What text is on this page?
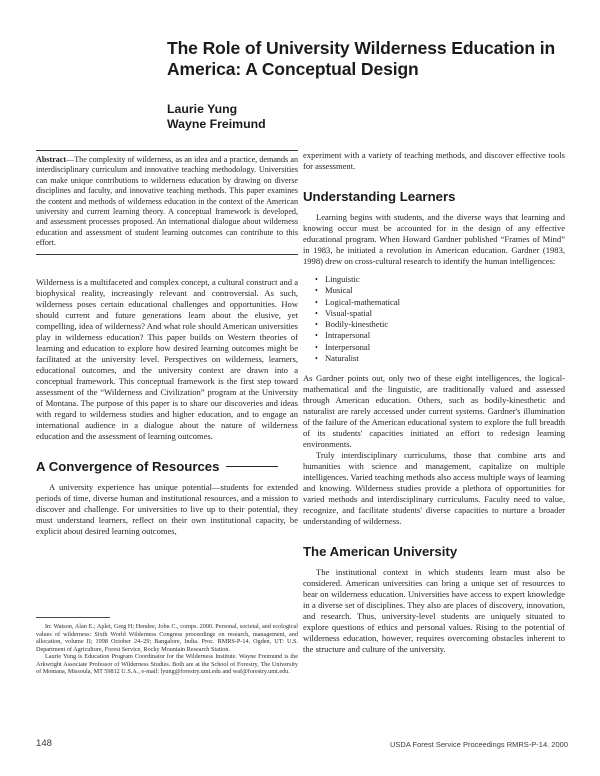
The Role of University Wilderness Education in America: A Conceptual Design
Laurie Yung
Wayne Freimund

Abstract—The complexity of wilderness, as an idea and a practice, demands an interdisciplinary curriculum and innovative teaching methodology. Universities can make unique contributions to wilderness education by drawing on diverse disciplines and faculty, and innovative teaching methods. This paper examines the content and methods of wilderness education in the context of the American university and current learning theory. A conceptual framework is developed, and assessment processes proposed. An international dialogue about wilderness education and assessment of student learning outcomes can contribute to this effort.

Wilderness is a multifaceted and complex concept, a cultural construct and a biophysical reality, increasingly relevant and controversial. As such, wilderness poses certain educational challenges and opportunities. How should current and future generations learn about the elusive, yet compelling, idea of wilderness? And what role should American universities play in wilderness education? This paper builds on Western theories of learning and education to explore how desired learning outcomes might be facilitated at the university level. Perspectives on wilderness, learners, educational outcomes, and the university context are drawn into a conceptual framework. This conceptual framework is the first step toward assessment of the “Wilderness and Civilization” program at the University of Montana. The purpose of this paper is to share our discoveries and ideas with regard to wilderness studies and higher education, and to engage an international audience in a dialogue about the nature of wilderness education and the assessment of learning outcomes.

A Convergence of Resources

A university experience has unique potential—students for extended periods of time, diverse human and institutional resources, and a mission to discover and challenge. For universities to live up to their potential, they must understand learners, reflect on their own institutional capacity, be explicit about desired learning outcomes,

experiment with a variety of teaching methods, and discover effective tools for assessment.

Understanding Learners

Learning begins with students, and the diverse ways that learning and knowing occur must be accounted for in the design of any effective educational program. When Howard Gardner published “Frames of Mind” in 1983, he initiated a revolution in American education. Gardner (1983, 1998) drew on cross-cultural research to identify the human intelligences:

• Linguistic
• Musical
• Logical-mathematical
• Visual-spatial
• Bodily-kinesthetic
• Intrapersonal
• Interpersonal
• Naturalist

As Gardner points out, only two of these eight intelligences, the logical-mathematical and the linguistic, are traditionally valued and assessed through American education. Others, such as bodily-kinesthetic and naturalist are rarely accessed under current systems. Gardner's illumination of the failure of the American educational system to explore the full breadth of its students' capacities initiated an effort to redesign learning environments.

Truly interdisciplinary curriculums, those that combine arts and humanities with science and management, capitalize on multiple intelligences. Varied teaching methods also access multiple ways of learning and knowing. Wilderness studies provide a plethora of opportunities for varied methods and interdisciplinary curriculums. Faculty need to value, recognize, and facilitate students' diverse capacities to nurture a broader understanding of wilderness.

The American University

The institutional context in which students learn must also be considered. American universities can bring a unique set of resources to bear on wilderness education. Universities have access to expert knowledge in a diverse set of disciplines. They also are places of discovery, innovation, and research. Thus, university-level students are uniquely situated to explore questions of ethics and personal values. Rising to the potential of wilderness education, however, requires overcoming obstacles inherent to the structure and culture of the university.

In: Watson, Alan E.; Aplet, Greg H; Hendee, John C., comps. 2000. Personal, societal, and ecological values of wilderness: Sixth World Wilderness Congress proceedings on research, management, and allocation, volume II; 1998 October 24–29; Bangalore, India. Proc. RMRS-P-14. Ogden, UT: U.S. Department of Agriculture, Forest Service, Rocky Mountain Research Station.

Laurie Yung is Education Program Coordinator for the Wilderness Institute. Wayne Freimund is the Arkwright Associate Professor of Wilderness Studies. Both are at the School of Forestry, The University of Montana, Missoula, MT 59812 U.S.A., e-mail: lyung@forestry.umt.edu and waf@forestry.umt.edu.

148	USDA Forest Service Proceedings RMRS-P-14. 2000
